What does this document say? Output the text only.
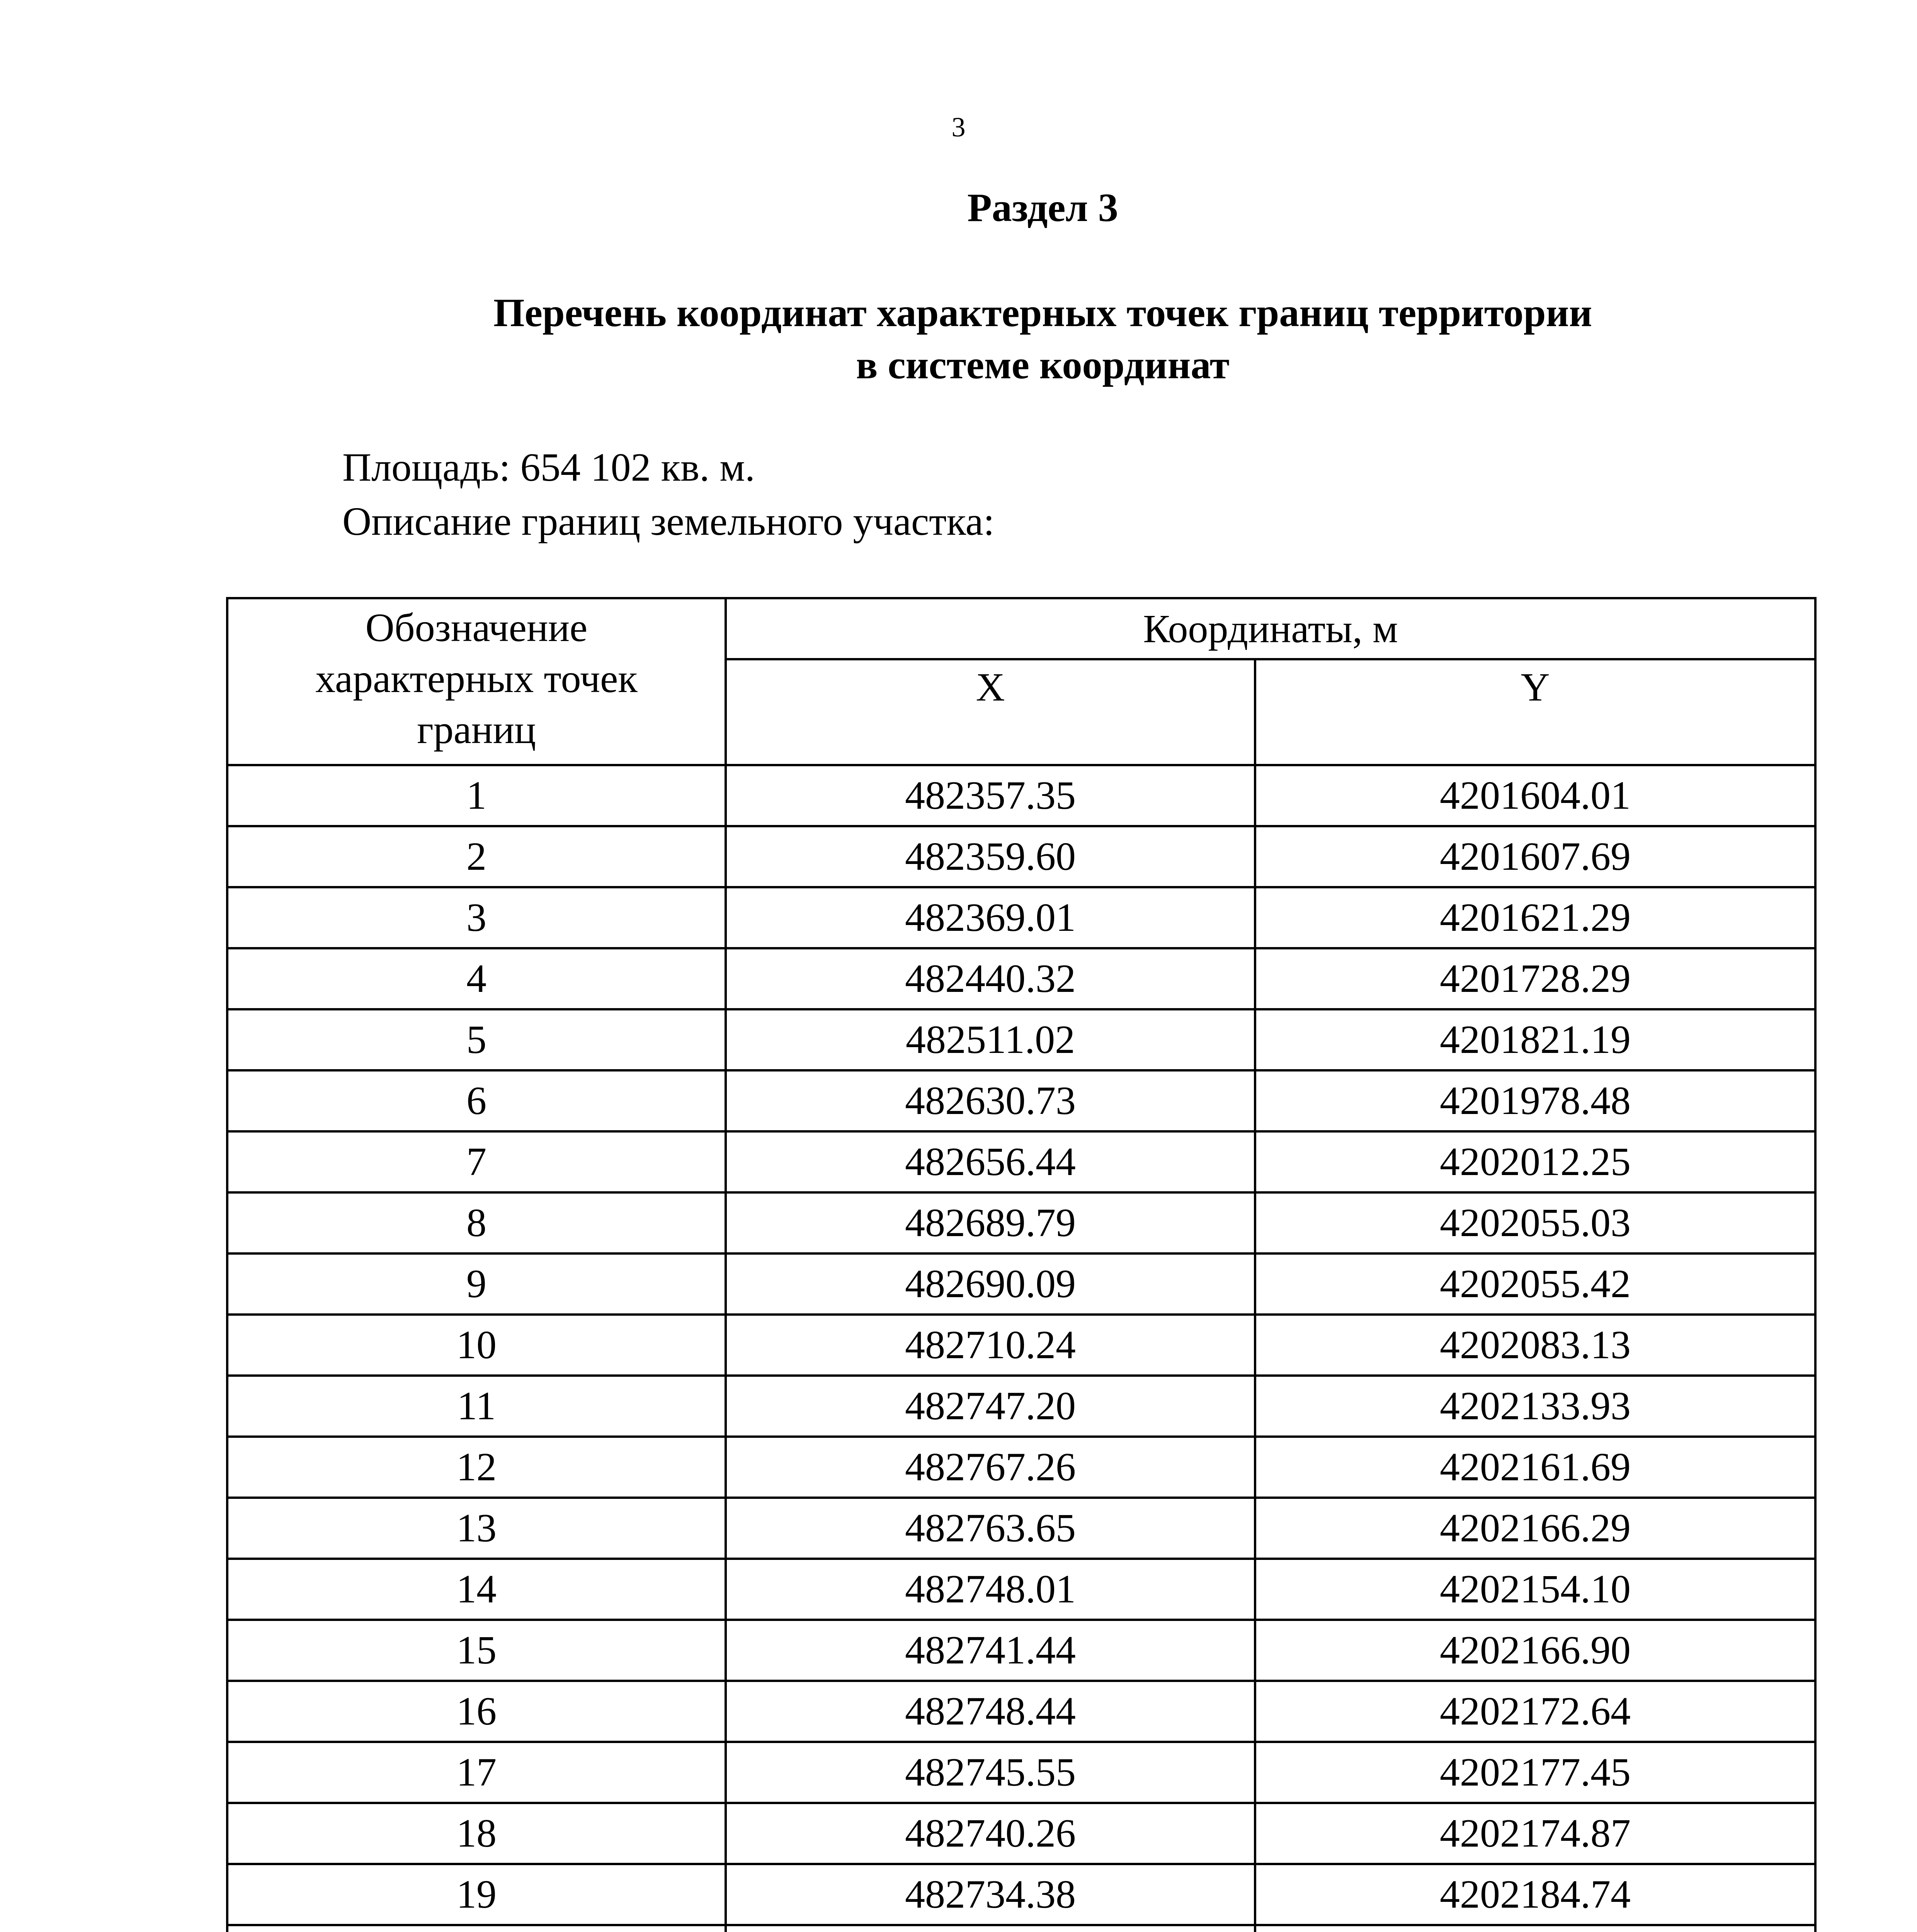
3
Раздел 3
Перечень координат характерных точек границ территории
в системе координат
Площадь: 654 102 кв. м.
Описание границ земельного участка:
Обозначение
характерных точек
границ	Координаты, м	
	X	Y
1	482357.35	4201604.01
2	482359.60	4201607.69
3	482369.01	4201621.29
4	482440.32	4201728.29
5	482511.02	4201821.19
6	482630.73	4201978.48
7	482656.44	4202012.25
8	482689.79	4202055.03
9	482690.09	4202055.42
10	482710.24	4202083.13
11	482747.20	4202133.93
12	482767.26	4202161.69
13	482763.65	4202166.29
14	482748.01	4202154.10
15	482741.44	4202166.90
16	482748.44	4202172.64
17	482745.55	4202177.45
18	482740.26	4202174.87
19	482734.38	4202184.74
